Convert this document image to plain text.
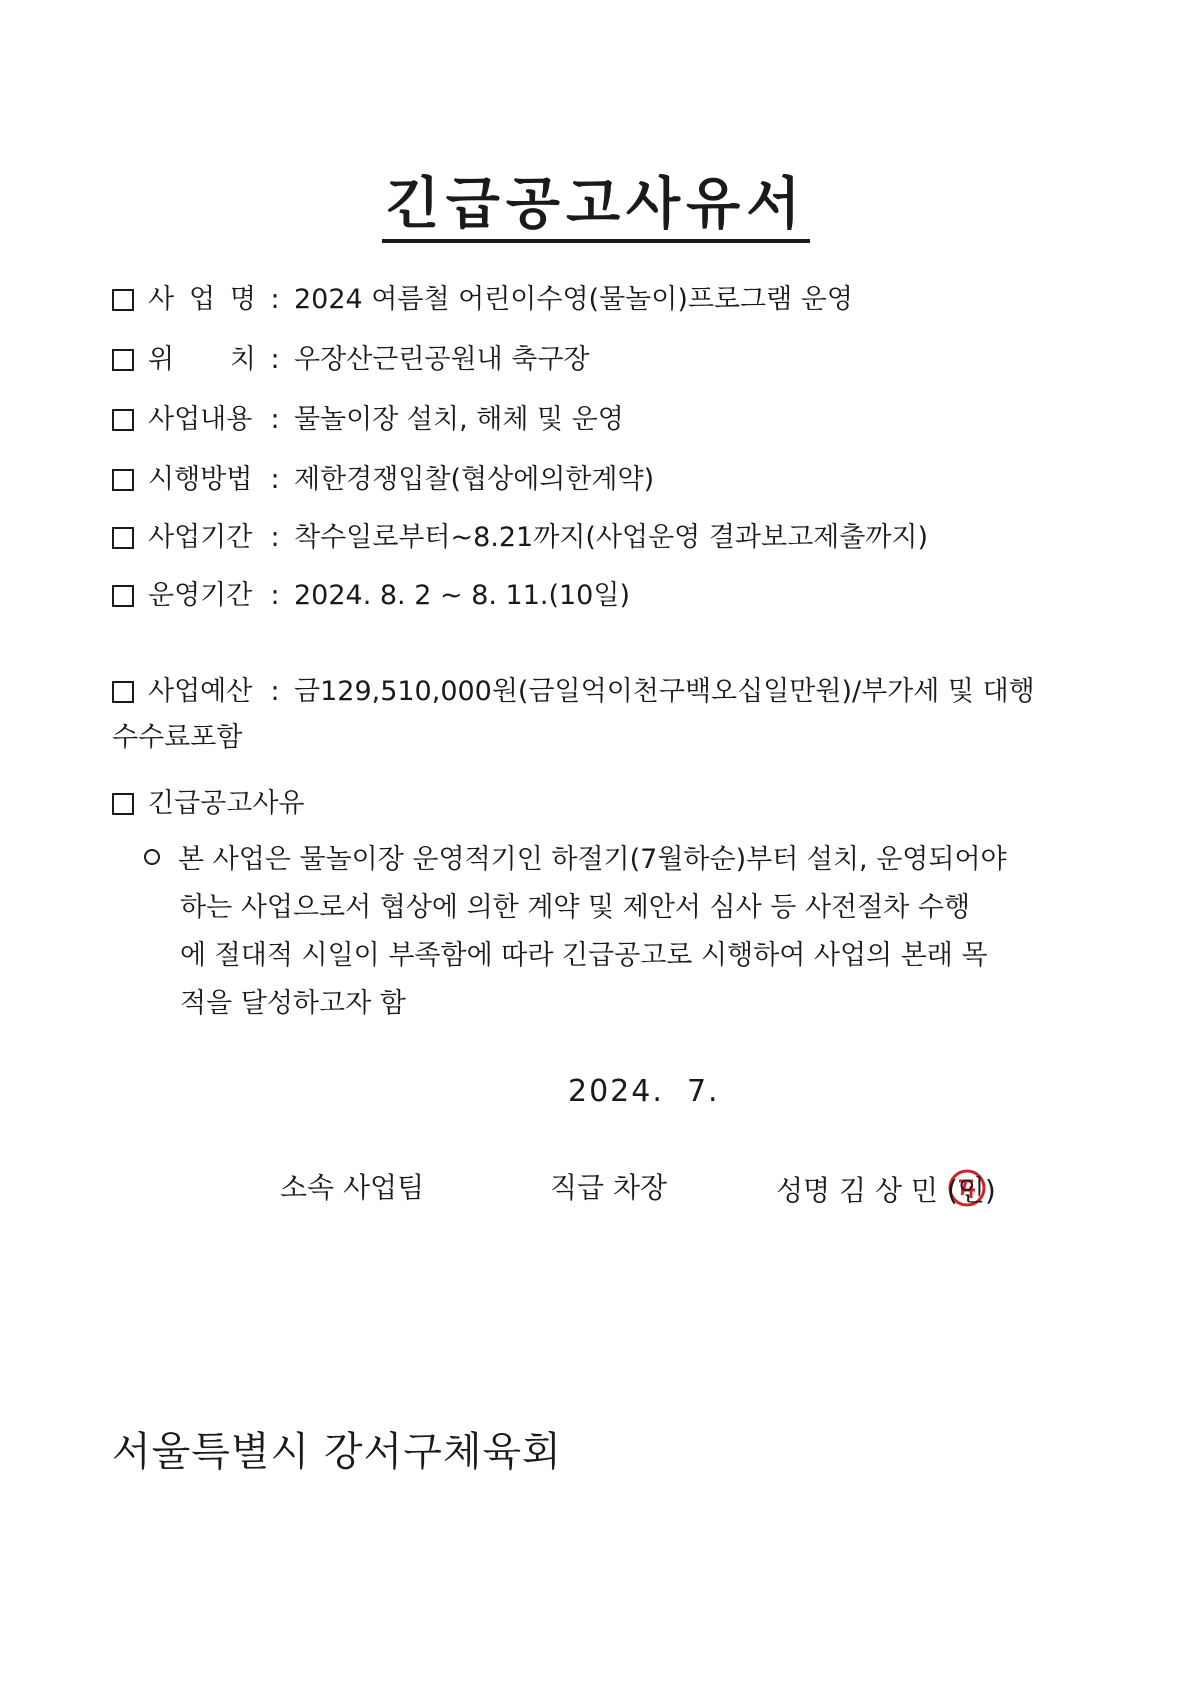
긴급공고사유서
사 업 명 : 2024 여름철 어린이수영(물놀이)프로그램 운영
위 치 : 우장산근린공원내 축구장
사업내용 : 물놀이장 설치, 해체 및 운영
시행방법 : 제한경쟁입찰(협상에의한계약)
사업기간 : 착수일로부터~8.21까지(사업운영 결과보고제출까지)
운영기간 : 2024. 8. 2 ~ 8. 11.(10일)
사업예산 : 금129,510,000원(금일억이천구백오십일만원)/부가세 및 대행
수수료포함
긴급공고사유
본 사업은 물놀이장 운영적기인 하절기(7월하순)부터 설치, 운영되어야
하는 사업으로서 협상에 의한 계약 및 제안서 심사 등 사전절차 수행
에 절대적 시일이 부족함에 따라 긴급공고로 시행하여 사업의 본래 목
적을 달성하고자 함
2024.  7.
소속 사업팀	직급 차장	성명 김 상 민 (인)
서울특별시 강서구체육회
